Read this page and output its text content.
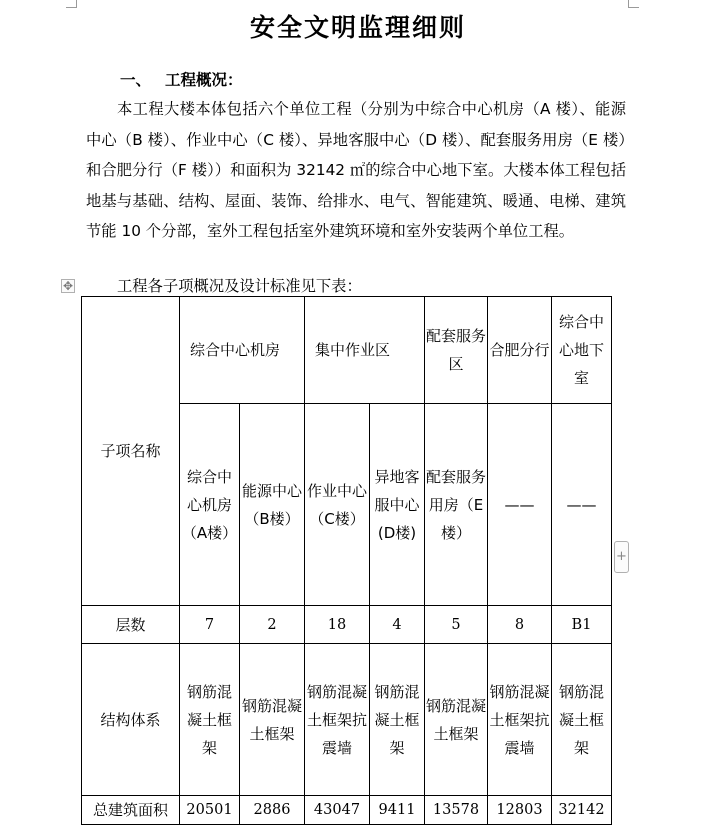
安全文明监理细则
一、 工程概况：
本工程大楼本体包括六个单位工程（分别为中综合中心机房（A 楼）、能源中心（B 楼）、作业中心（C 楼）、异地客服中心（D 楼）、配套服务用房（E 楼）和合肥分行（F 楼））和面积为 32142 ㎡的综合中心地下室。大楼本体工程包括地基与基础、结构、屋面、装饰、给排水、电气、智能建筑、暖通、电梯、建筑节能 10 个分部，室外工程包括室外建筑环境和室外安装两个单位工程。
✥	工程各子项概况及设计标准见下表：
子项名称	综合中心机房		集中作业区		配套服务区	合肥分行	综合中心地下室
	综合中心机房（A楼）	能源中心（B楼）	作业中心（C楼）	异地客服中心(D楼)	配套服务用房（E楼）	——	——
层数	7	2	18	4	5	8	B1
结构体系	钢筋混凝土框架	钢筋混凝土框架	钢筋混凝土框架抗震墙	钢筋混凝土框架	钢筋混凝土框架	钢筋混凝土框架抗震墙	钢筋混凝土框架
总建筑面积	20501	2886	43047	9411	13578	12803	32142
+
